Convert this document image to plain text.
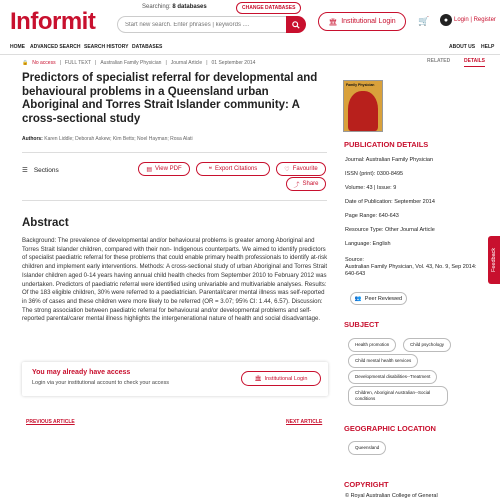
Informit
Searching: 8 databases	CHANGE DATABASES
Start new search. Enter phrases | keywords ....
🏛 Institutional Login 🛒	● Login | Register
HOME ADVANCED SEARCH SEARCH HISTORY DATABASES	ABOUT US HELP
🔒 No access | FULL TEXT | Australian Family Physician | Journal Article | 01 September 2014	RELATED	DETAILS
Predictors of specialist referral for developmental and behavioural problems in a Queensland urban Aboriginal and Torres Strait Islander community: A cross-sectional study
Authors: Karen Liddle; Deborah Askew; Kim Betts; Noel Hayman; Rosa Alati
☰ Sections	▤ View PDF	❝ Export Citations	♡ Favourite
⤴ Share
Abstract
Background: The prevalence of developmental and/or behavioural problems is greater among Aboriginal and Torres Strait Islander children, compared with their non- Indigenous counterparts. We aimed to identify predictors of specialist paediatric referral for these problems that could enable primary health professionals to identify at-risk children and implement early interventions. Methods: A cross-sectional study of urban Aboriginal and Torres Strait Islander children aged 0-14 years having annual child health checks from September 2010 to February 2012 was undertaken. Predictors of paediatric referral were identified using univariable and multivariable analyses. Results: Of the 183 eligible children, 30% were referred to a paediatrician. Parental/carer mental illness was self-reported in 36% of cases and these children were more likely to be referred (OR = 3.07; 95% CI: 1.44, 6.57). Discussion: The strong association between paediatric referral for behavioural and/or developmental problems and self-reported parental/carer mental illness highlights the intergenerational nature of health and social disadvantage.
You may already have access
Login via your institutional account to check your access
🏛 Institutional Login
PREVIOUS ARTICLE	NEXT ARTICLE
Family Physician
PUBLICATION DETAILS
Journal: Australian Family Physician
ISSN (print): 0300-8495
Volume: 43 | Issue: 9
Date of Publication: September 2014
Page Range: 640-643
Resource Type: Other Journal Article
Language: English
Source:
Australian Family Physician, Vol. 43, No. 9, Sep 2014: 640-643
👥 Peer Reviewed
SUBJECT
Health promotion	Child psychology
Child mental health services
Developmental disabilities--Treatment
Children, Aboriginal Australian--Social conditions
GEOGRAPHIC LOCATION
Queensland
COPYRIGHT
© Royal Australian College of General
Feedback
